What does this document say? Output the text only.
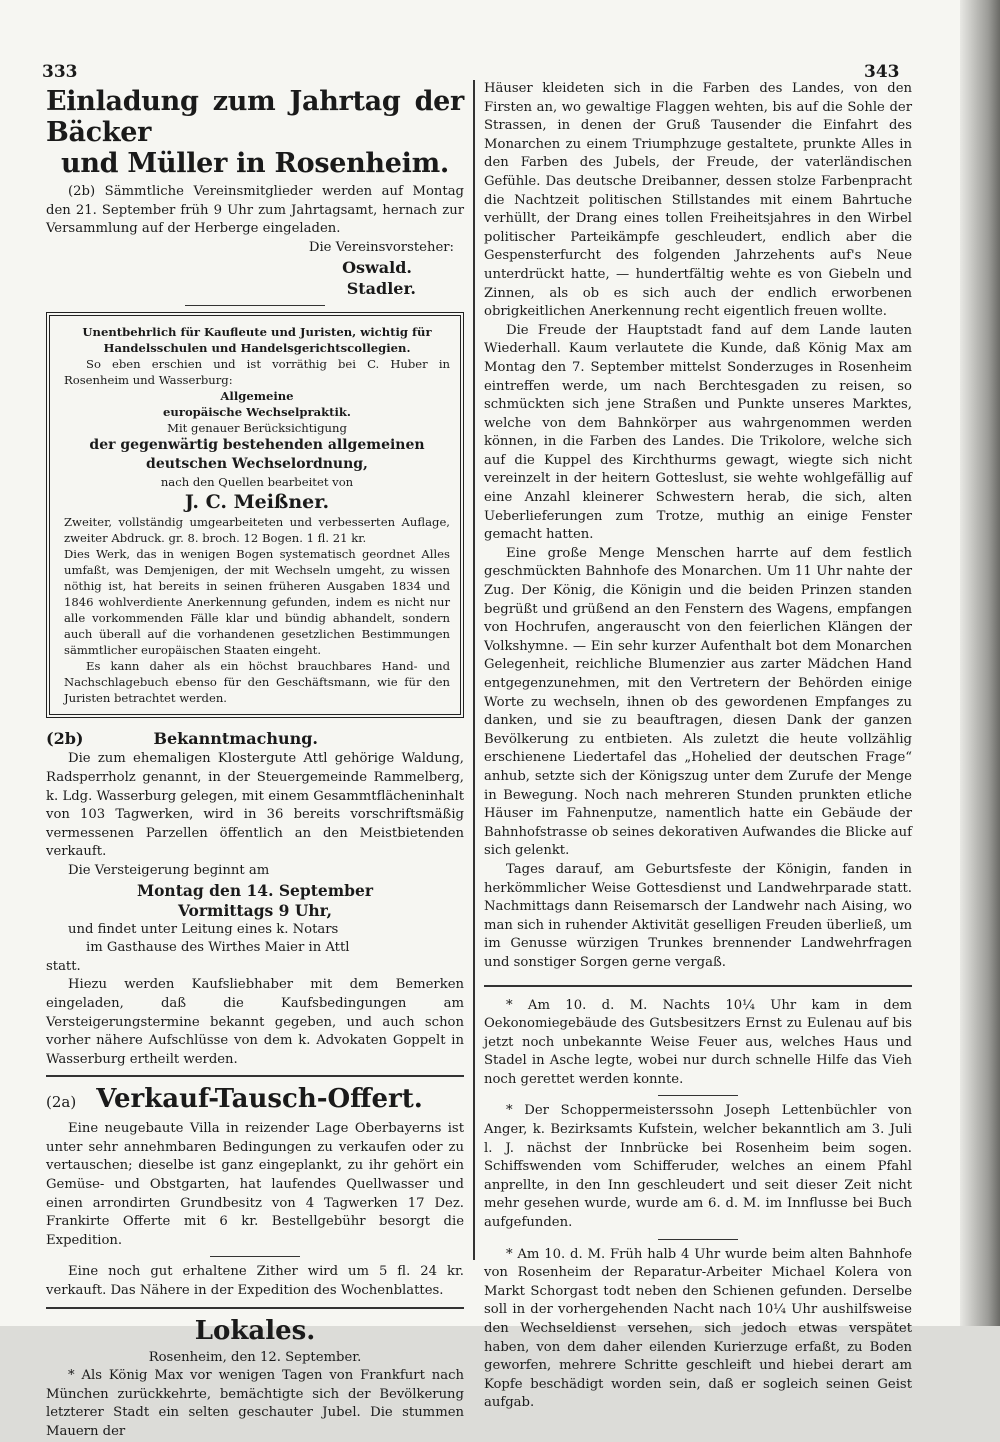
333	343

Einladung zum Jahrtag der Bäcker

und Müller in Rosenheim.

(2b) Sämmtliche Vereinsmitglieder werden auf Montag den 21. September früh 9 Uhr zum Jahrtagsamt, hernach zur Versammlung auf der Herberge eingeladen.

Die Vereinsvorsteher:

Oswald.

Stadler.

Unentbehrlich für Kaufleute und Juristen, wichtig für Handelsschulen und Handelsgerichtscollegien.

So eben erschien und ist vorräthig bei C. Huber in Rosenheim und Wasserburg:

Allgemeine

europäische Wechselpraktik.

Mit genauer Berücksichtigung

der gegenwärtig bestehenden allgemeinen deutschen Wechselordnung,

nach den Quellen bearbeitet von

J. C. Meißner.

Zweiter, vollständig umgearbeiteten und verbesserten Auflage, zweiter Abdruck. gr. 8. broch. 12 Bogen. 1 fl. 21 kr.

Dies Werk, das in wenigen Bogen systematisch geordnet Alles umfaßt, was Demjenigen, der mit Wechseln umgeht, zu wissen nöthig ist, hat bereits in seinen früheren Ausgaben 1834 und 1846 wohlverdiente Anerkennung gefunden, indem es nicht nur alle vorkommenden Fälle klar und bündig abhandelt, sondern auch überall auf die vorhandenen gesetzlichen Bestimmungen sämmtlicher europäischen Staaten eingeht.

Es kann daher als ein höchst brauchbares Hand- und Nachschlagebuch ebenso für den Geschäftsmann, wie für den Juristen betrachtet werden.

(2b)	Bekanntmachung.

Die zum ehemaligen Klostergute Attl gehörige Waldung, Radsperrholz genannt, in der Steuergemeinde Rammelberg, k. Ldg. Wasserburg gelegen, mit einem Gesammtflächeninhalt von 103 Tagwerken, wird in 36 bereits vorschriftsmäßig vermessenen Parzellen öffentlich an den Meistbietenden verkauft.

Die Versteigerung beginnt am

Montag den 14. September

Vormittags 9 Uhr,

und findet unter Leitung eines k. Notars

im Gasthause des Wirthes Maier in Attl

statt.

Hiezu werden Kaufsliebhaber mit dem Bemerken eingeladen, daß die Kaufsbedingungen am Versteigerungstermine bekannt gegeben, und auch schon vorher nähere Aufschlüsse von dem k. Advokaten Goppelt in Wasserburg ertheilt werden.

(2a) Verkauf-Tausch-Offert.

Eine neugebaute Villa in reizender Lage Oberbayerns ist unter sehr annehmbaren Bedingungen zu verkaufen oder zu vertauschen; dieselbe ist ganz eingeplankt, zu ihr gehört ein Gemüse- und Obstgarten, hat laufendes Quellwasser und einen arrondirten Grundbesitz von 4 Tagwerken 17 Dez. Frankirte Offerte mit 6 kr. Bestellgebühr besorgt die Expedition.

Eine noch gut erhaltene Zither wird um 5 fl. 24 kr. verkauft. Das Nähere in der Expedition des Wochenblattes.

Lokales.

Rosenheim, den 12. September.

* Als König Max vor wenigen Tagen von Frankfurt nach München zurückkehrte, bemächtigte sich der Bevölkerung letzterer Stadt ein selten geschauter Jubel. Die stummen Mauern der

Häuser kleideten sich in die Farben des Landes, von den Firsten an, wo gewaltige Flaggen wehten, bis auf die Sohle der Strassen, in denen der Gruß Tausender die Einfahrt des Monarchen zu einem Triumphzuge gestaltete, prunkte Alles in den Farben des Jubels, der Freude, der vaterländischen Gefühle. Das deutsche Dreibanner, dessen stolze Farbenpracht die Nachtzeit politischen Stillstandes mit einem Bahrtuche verhüllt, der Drang eines tollen Freiheitsjahres in den Wirbel politischer Parteikämpfe geschleudert, endlich aber die Gespensterfurcht des folgenden Jahrzehents auf's Neue unterdrückt hatte, — hundertfältig wehte es von Giebeln und Zinnen, als ob es sich auch der endlich erworbenen obrigkeitlichen Anerkennung recht eigentlich freuen wollte.

Die Freude der Hauptstadt fand auf dem Lande lauten Wiederhall. Kaum verlautete die Kunde, daß König Max am Montag den 7. September mittelst Sonderzuges in Rosenheim eintreffen werde, um nach Berchtesgaden zu reisen, so schmückten sich jene Straßen und Punkte unseres Marktes, welche von dem Bahnkörper aus wahrgenommen werden können, in die Farben des Landes. Die Trikolore, welche sich auf die Kuppel des Kirchthurms gewagt, wiegte sich nicht vereinzelt in der heitern Gotteslust, sie wehte wohlgefällig auf eine Anzahl kleinerer Schwestern herab, die sich, alten Ueberlieferungen zum Trotze, muthig an einige Fenster gemacht hatten.

Eine große Menge Menschen harrte auf dem festlich geschmückten Bahnhofe des Monarchen. Um 11 Uhr nahte der Zug. Der König, die Königin und die beiden Prinzen standen begrüßt und grüßend an den Fenstern des Wagens, empfangen von Hochrufen, angerauscht von den feierlichen Klängen der Volkshymne. — Ein sehr kurzer Aufenthalt bot dem Monarchen Gelegenheit, reichliche Blumenzier aus zarter Mädchen Hand entgegenzunehmen, mit den Vertretern der Behörden einige Worte zu wechseln, ihnen ob des gewordenen Empfanges zu danken, und sie zu beauftragen, diesen Dank der ganzen Bevölkerung zu entbieten. Als zuletzt die heute vollzählig erschienene Liedertafel das „Hohelied der deutschen Frage“ anhub, setzte sich der Königszug unter dem Zurufe der Menge in Bewegung. Noch nach mehreren Stunden prunkten etliche Häuser im Fahnenputze, namentlich hatte ein Gebäude der Bahnhofstrasse ob seines dekorativen Aufwandes die Blicke auf sich gelenkt.

Tages darauf, am Geburtsfeste der Königin, fanden in herkömmlicher Weise Gottesdienst und Landwehrparade statt. Nachmittags dann Reisemarsch der Landwehr nach Aising, wo man sich in ruhender Aktivität geselligen Freuden überließ, um im Genusse würzigen Trunkes brennender Landwehrfragen und sonstiger Sorgen gerne vergaß.

* Am 10. d. M. Nachts 10¼ Uhr kam in dem Oekonomiegebäude des Gutsbesitzers Ernst zu Eulenau auf bis jetzt noch unbekannte Weise Feuer aus, welches Haus und Stadel in Asche legte, wobei nur durch schnelle Hilfe das Vieh noch gerettet werden konnte.

* Der Schoppermeisterssohn Joseph Lettenbüchler von Anger, k. Bezirksamts Kufstein, welcher bekanntlich am 3. Juli l. J. nächst der Innbrücke bei Rosenheim beim sogen. Schiffswenden vom Schifferuder, welches an einem Pfahl anprellte, in den Inn geschleudert und seit dieser Zeit nicht mehr gesehen wurde, wurde am 6. d. M. im Innflusse bei Buch aufgefunden.

* Am 10. d. M. Früh halb 4 Uhr wurde beim alten Bahnhofe von Rosenheim der Reparatur-Arbeiter Michael Kolera von Markt Schorgast todt neben den Schienen gefunden. Derselbe soll in der vorhergehenden Nacht nach 10¼ Uhr aushilfsweise den Wechseldienst versehen, sich jedoch etwas verspätet haben, von dem daher eilenden Kurierzuge erfaßt, zu Boden geworfen, mehrere Schritte geschleift und hiebei derart am Kopfe beschädigt worden sein, daß er sogleich seinen Geist aufgab.
